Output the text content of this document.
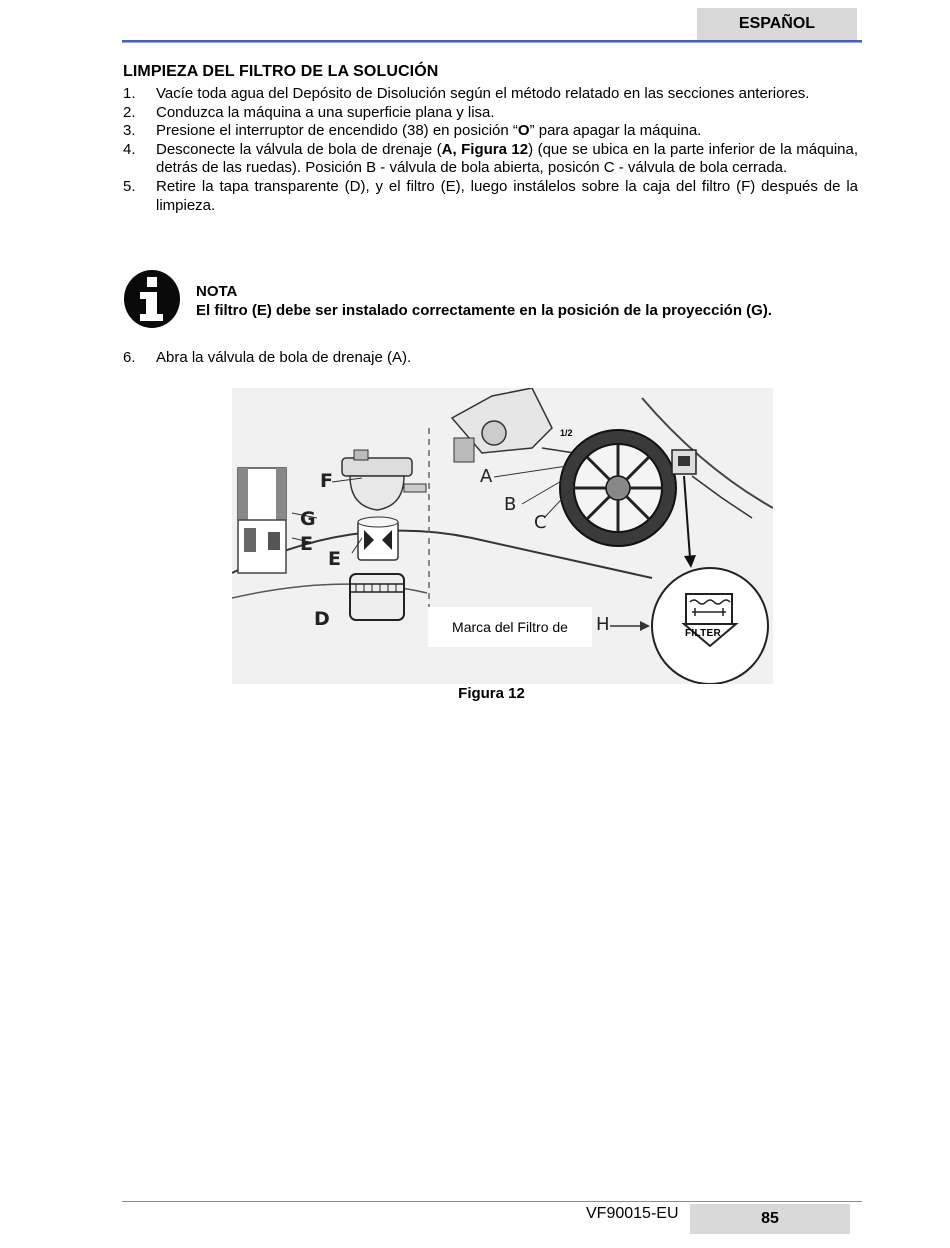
ESPAÑOL
LIMPIEZA DEL FILTRO DE LA SOLUCIÓN
1.	Vacíe toda agua del Depósito de Disolución según el método relatado en las secciones anteriores.
2.	Conduzca la máquina a una superficie plana y lisa.
3.	Presione el interruptor de encendido (38) en posición “O” para apagar la máquina.
4.	Desconecte la válvula de bola de drenaje (A, Figura 12) (que se ubica en la parte inferior de la máquina, detrás de las ruedas). Posición B - válvula de bola abierta, posicón C - válvula de bola cerrada.
5.	Retire la tapa transparente (D), y el filtro (E), luego instálelos sobre la caja del filtro (F) después de la limpieza.
NOTA
El filtro (E) debe ser instalado correctamente en la posición de la proyección (G).
6.	Abra la válvula de bola de drenaje (A).
F
G
E
E
D
A
B
C
H
1/2
FILTER
Marca del Filtro de
Figura 12
VF90015-EU	85
